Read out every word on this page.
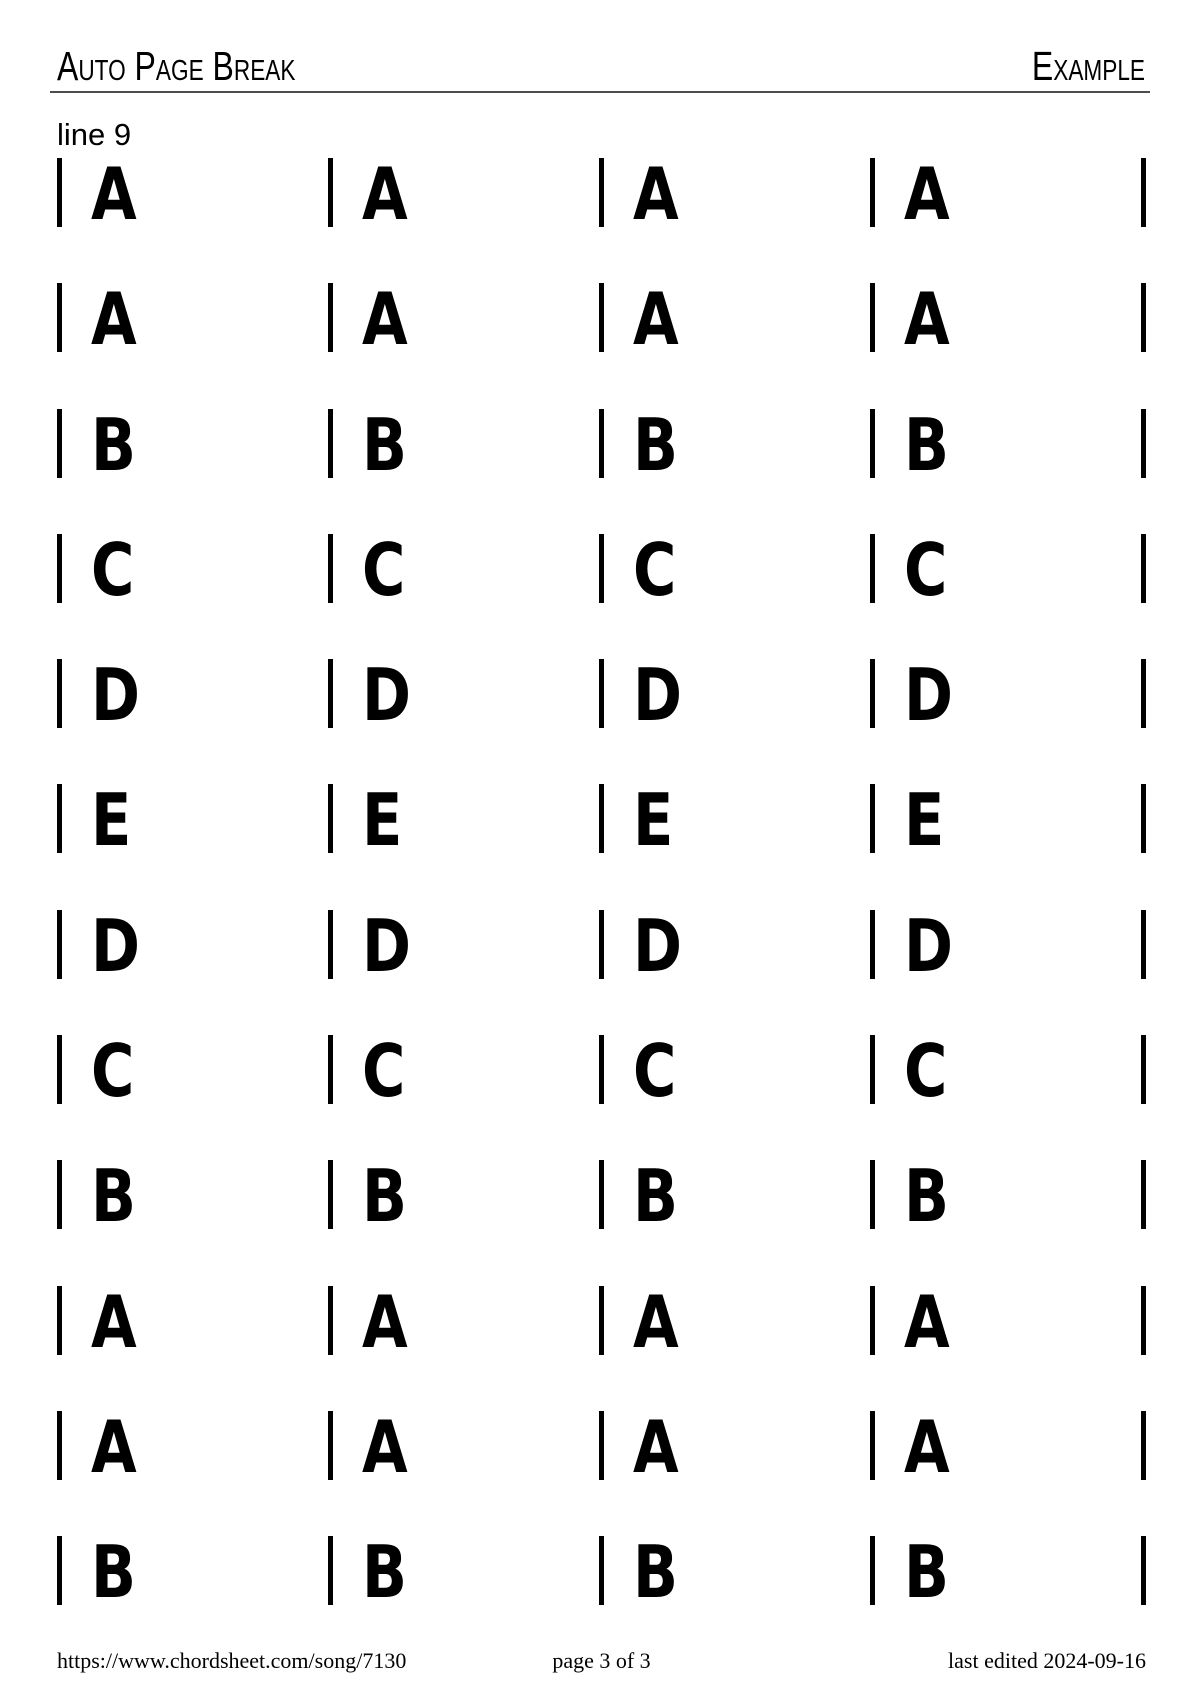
Auto Page Break	Example
line 9
A	A	A	A
A	A	A	A
B	B	B	B
C	C	C	C
D	D	D	D
E	E	E	E
D	D	D	D
C	C	C	C
B	B	B	B
A	A	A	A
A	A	A	A
B	B	B	B
https://www.chordsheet.com/song/7130	page 3 of 3	last edited 2024-09-16
